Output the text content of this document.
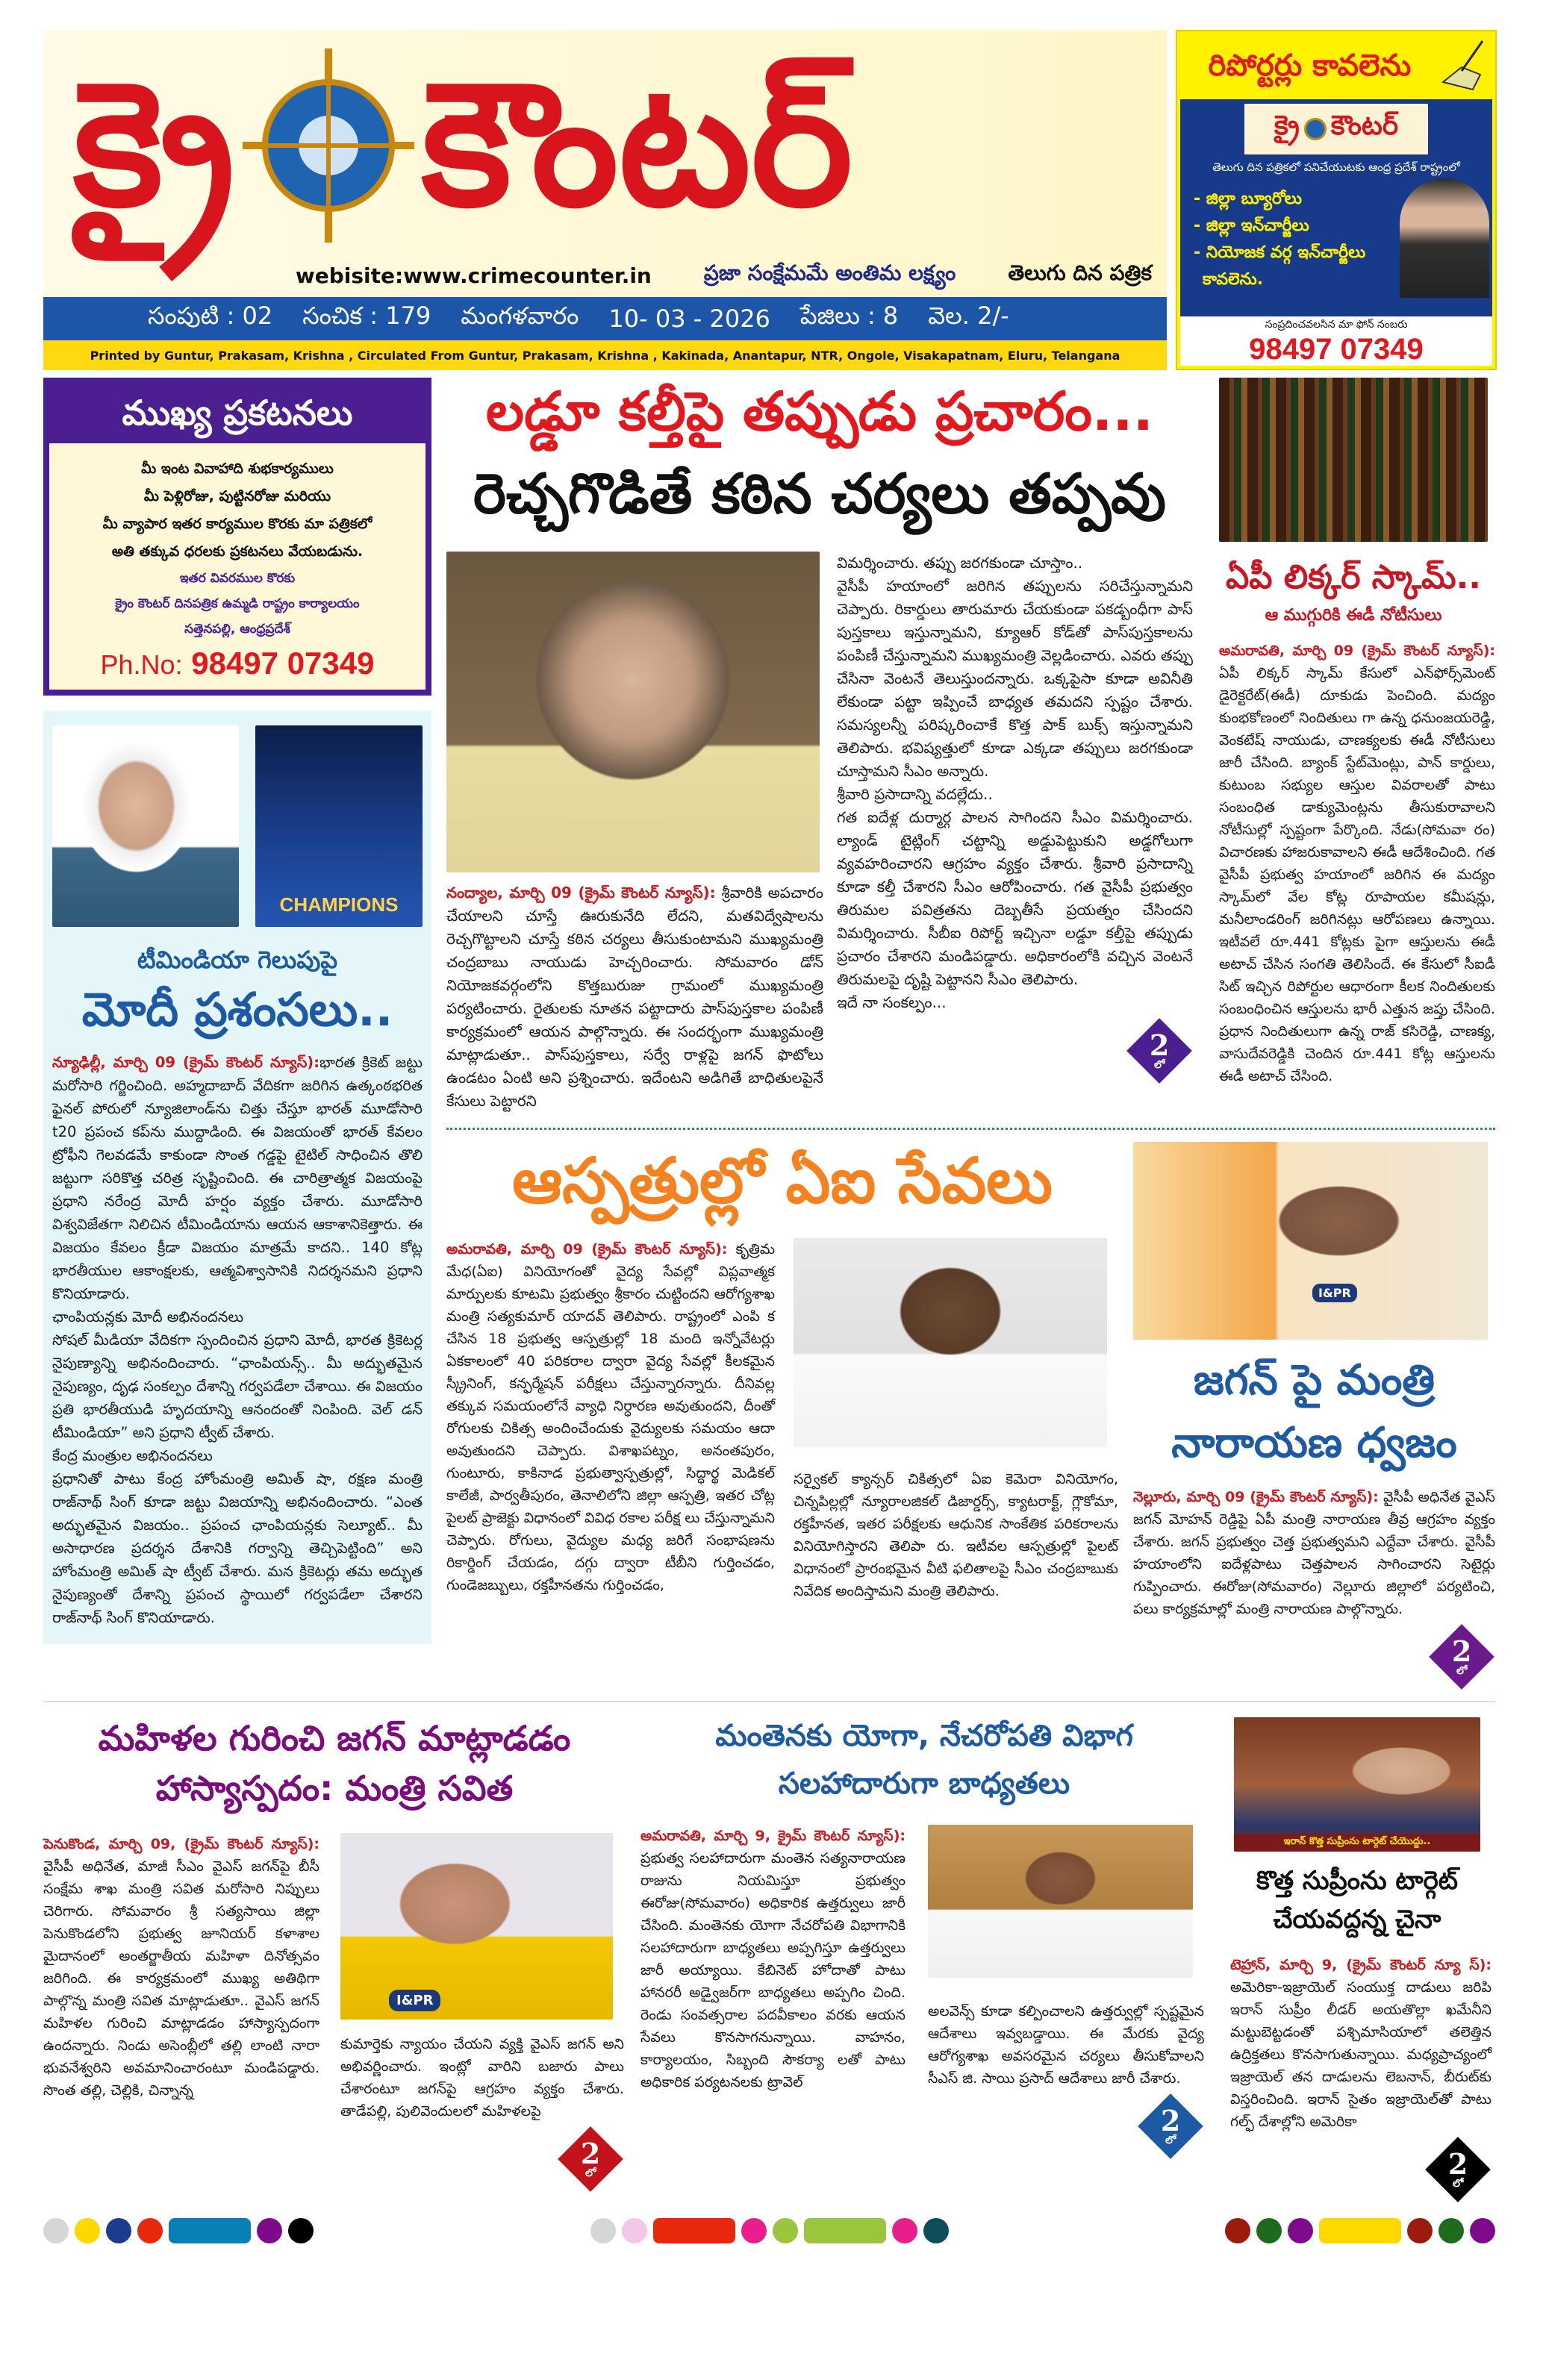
క్రై కౌంటర్
webisite:www.crimecounter.in	ప్రజా సంక్షేమమే అంతిమ లక్ష్యం	తెలుగు దిన పత్రిక
సంపుటి : 02 సంచిక : 179 మంగళవారం 10- 03 - 2026 పేజిలు : 8 వెల. 2/-
Printed by Guntur, Prakasam, Krishna , Circulated From Guntur, Prakasam, Krishna , Kakinada, Anantapur, NTR, Ongole, Visakapatnam, Eluru, Telangana
రిపోర్టర్లు కావలెను
క్రై కౌంటర్
తెలుగు దిన పత్రికలో పనిచేయుటకు ఆంధ్ర ప్రదేశ్ రాష్ట్రంలో
- జిల్లా బ్యూరోలు
- జిల్లా ఇన్‌చార్జీలు
- నియోజక వర్గ ఇన్‌చార్జీలు
కావలెను.
సంప్రదించవలసిన మా ఫోన్ నంబరు
98497 07349
ముఖ్య ప్రకటనలు
మీ ఇంట వివాహాది శుభకార్యములు
మీ పెళ్లిరోజు, పుట్టినరోజు మరియు
మీ వ్యాపార ఇతర కార్యముల కొరకు మా పత్రికలో
అతి తక్కువ ధరలకు ప్రకటనలు వేయబడును.
ఇతర వివరముల కొరకు
క్రైం కౌంటర్ దినపత్రిక ఉమ్మడి రాష్ట్రం కార్యాలయం
సత్తెనపల్లి, ఆంధ్రప్రదేశ్
Ph.No: 98497 07349
CHAMPIONS
టీమిండియా గెలుపుపై
మోదీ ప్రశంసలు..

న్యూఢిల్లీ, మార్చి 09 (క్రైమ్ కౌంటర్ న్యూస్):భారత క్రికెట్ జట్టు మరోసారి గర్జించింది. అహ్మదాబాద్ వేదికగా జరిగిన ఉత్కంఠభరిత ఫైనల్ పోరులో న్యూజిలాండ్‌ను చిత్తు చేస్తూ భారత్ మూడోసారి t20 ప్రపంచ కప్‌ను ముద్దాడింది. ఈ విజయంతో భారత్ కేవలం ట్రోఫీని గెలవడమే కాకుండా సొంత గడ్డపై టైటిల్ సాధించిన తొలి జట్టుగా సరికొత్త చరిత్ర సృష్టించింది. ఈ చారిత్రాత్మక విజయంపై ప్రధాని నరేంద్ర మోదీ హర్షం వ్యక్తం చేశారు. మూడోసారి విశ్వవిజేతగా నిలిచిన టీమిండియాను ఆయన ఆకాశానికెత్తారు. ఈ విజయం కేవలం క్రీడా విజయం మాత్రమే కాదని.. 140 కోట్ల భారతీయుల ఆకాంక్షలకు, ఆత్మవిశ్వాసానికి నిదర్శనమని ప్రధాని కొనియాడారు.

ఛాంపియన్లకు మోదీ అభినందనలు

సోషల్ మీడియా వేదికగా స్పందించిన ప్రధాని మోదీ, భారత క్రికెటర్ల నైపుణ్యాన్ని అభినందించారు. “ఛాంపియన్స్.. మీ అద్భుతమైన నైపుణ్యం, దృఢ సంకల్పం దేశాన్ని గర్వపడేలా చేశాయి. ఈ విజయం ప్రతి భారతీయుడి హృదయాన్ని ఆనందంతో నింపింది. వెల్ డన్ టీమిండియా” అని ప్రధాని ట్వీట్ చేశారు.

కేంద్ర మంత్రుల అభినందనలు

ప్రధానితో పాటు కేంద్ర హోంమంత్రి అమిత్ షా, రక్షణ మంత్రి రాజ్‌నాథ్ సింగ్ కూడా జట్టు విజయాన్ని అభినందించారు. “ఎంత అద్భుతమైన విజయం.. ప్రపంచ ఛాంపియన్లకు సెల్యూట్.. మీ అసాధారణ ప్రదర్శన దేశానికి గర్వాన్ని తెచ్చిపెట్టింది” అని హోంమంత్రి అమిత్ షా ట్వీట్ చేశారు. మన క్రికెటర్లు తమ అద్భుత నైపుణ్యంతో దేశాన్ని ప్రపంచ స్థాయిలో గర్వపడేలా చేశారని రాజ్‌నాథ్ సింగ్ కొనియాడారు.

లడ్డూ కల్తీపై తప్పుడు ప్రచారం...
రెచ్చగొడితే కఠిన చర్యలు తప్పవు

నంద్యాల, మార్చి 09 (క్రైమ్ కౌంటర్ న్యూస్): శ్రీవారికి అపచారం చేయాలని చూస్తే ఊరుకునేది లేదని, మతవిద్వేషాలను రెచ్చగొట్టాలని చూస్తే కఠిన చర్యలు తీసుకుంటామని ముఖ్యమంత్రి చంద్రబాబు నాయుడు హెచ్చరించారు. సోమవారం డోన్ నియోజకవర్గంలోని కొత్తబురుజు గ్రామంలో ముఖ్యమంత్రి పర్యటించారు. రైతులకు నూతన పట్టాదారు పాస్‌పుస్తకాల పంపిణీ కార్యక్రమంలో ఆయన పాల్గొన్నారు. ఈ సందర్భంగా ముఖ్యమంత్రి మాట్లాడుతూ.. పాస్‌పుస్తకాలు, సర్వే రాళ్లపై జగన్ ఫొటోలు ఉండటం ఏంటి అని ప్రశ్నించారు. ఇదేంటని అడిగితే బాధితులపైనే కేసులు పెట్టారని

విమర్శించారు. తప్పు జరగకుండా చూస్తాం..

వైసీపీ హయాంలో జరిగిన తప్పులను సరిచేస్తున్నామని చెప్పారు. రికార్డులు తారుమారు చేయకుండా పకడ్బంధీగా పాస్ పుస్తకాలు ఇస్తున్నామని, క్యూఆర్ కోడ్‌తో పాస్‌పుస్తకాలను పంపిణీ చేస్తున్నామని ముఖ్యమంత్రి వెల్లడించారు. ఎవరు తప్పు చేసినా వెంటనే తెలుస్తుందన్నారు. ఒక్కపైసా కూడా అవినీతి లేకుండా పట్టా ఇప్పించే బాధ్యత తమదని స్పష్టం చేశారు. సమస్యలన్నీ పరిష్కరించాకే కొత్త పాక్ బుక్స్ ఇస్తున్నామని తెలిపారు. భవిష్యత్తులో కూడా ఎక్కడా తప్పులు జరగకుండా చూస్తామని సీఎం అన్నారు.

శ్రీవారి ప్రసాదాన్ని వదల్లేదు..

గత ఐదేళ్ల దుర్మార్గ పాలన సాగిందని సీఎం విమర్శించారు. ల్యాండ్ టైట్లింగ్ చట్టాన్ని అడ్డుపెట్టుకుని అడ్డగోలుగా వ్యవహరించారని ఆగ్రహం వ్యక్తం చేశారు. శ్రీవారి ప్రసాదాన్ని కూడా కల్తీ చేశారని సీఎం ఆరోపించారు. గత వైసీపీ ప్రభుత్వం తిరుమల పవిత్రతను దెబ్బతీసే ప్రయత్నం చేసిందని విమర్శించారు. సీబీఐ రిపోర్ట్ ఇచ్చినా లడ్డూ కల్తీపై తప్పుడు ప్రచారం చేశారని మండిపడ్డారు. అధికారంలోకి వచ్చిన వెంటనే తిరుమలపై దృష్టి పెట్టానని సీఎం తెలిపారు.

ఇదే నా సంకల్పం...

2
లో
ఏపీ లిక్కర్ స్కామ్..
ఆ ముగ్గురికి ఈడీ నోటీసులు

అమరావతి, మార్చి 09 (క్రైమ్ కౌంటర్ న్యూస్): ఏపీ లిక్కర్ స్కామ్ కేసులో ఎన్‌ఫోర్స్‌మెంట్ డైరెక్టరేట్(ఈడీ) దూకుడు పెంచింది. మద్యం కుంభకోణంలో నిందితులు గా ఉన్న ధనుంజయరెడ్డి, వెంకటేష్ నాయుడు, చాణక్యలకు ఈడీ నోటీసులు జారీ చేసింది. బ్యాంక్ స్టేట్‌మెంట్లు, పాన్ కార్డులు, కుటుంబ సభ్యుల ఆస్తుల వివరాలతో పాటు సంబంధిత డాక్యుమెంట్లను తీసుకురావాలని నోటీసుల్లో స్పష్టంగా పేర్కొంది. నేడు(సోమవా రం) విచారణకు హాజరుకావాలని ఈడీ ఆదేశించింది. గత వైసీపీ ప్రభుత్వ హయాంలో జరిగిన ఈ మద్యం స్కామ్‌లో వేల కోట్ల రూపాయల కమీషన్లు, మనీలాండరింగ్ జరిగినట్లు ఆరోపణలు ఉన్నాయి. ఇటీవలే రూ.441 కోట్లకు పైగా ఆస్తులను ఈడీ అటాచ్ చేసిన సంగతి తెలిసిందే. ఈ కేసులో సీఐడీ సిట్ ఇచ్చిన రిపోర్టుల ఆధారంగా కీలక నిందితులకు సంబంధించిన ఆస్తులను భారీ ఎత్తున జప్తు చేసింది. ప్రధాన నిందితులుగా ఉన్న రాజ్ కసిరెడ్డి, చాణక్య, వాసుదేవరెడ్డికి చెందిన రూ.441 కోట్ల ఆస్తులను ఈడీ అటాచ్ చేసింది.

ఆస్పత్రుల్లో ఏఐ సేవలు

అమరావతి, మార్చి 09 (క్రైమ్ కౌంటర్ న్యూస్): కృత్రిమ మేధ(ఏఐ) వినియోగంతో వైద్య సేవల్లో విప్లవాత్మక మార్పులకు కూటమి ప్రభుత్వం శ్రీకారం చుట్టిందని ఆరోగ్యశాఖ మంత్రి సత్యకుమార్ యాదవ్ తెలిపారు. రాష్ట్రంలో ఎంపి క చేసిన 18 ప్రభుత్వ ఆస్పత్రుల్లో 18 మంది ఇన్నోవేటర్లు ఏకకాలంలో 40 పరికరాల ద్వారా వైద్య సేవల్లో కీలకమైన స్క్రీనింగ్, కన్ఫర్మేషన్ పరీక్షలు చేస్తున్నారన్నారు. దీనివల్ల తక్కువ సమయంలోనే వ్యాధి నిర్ధారణ అవుతుందని, దీంతో రోగులకు చికిత్స అందించేందుకు వైద్యులకు సమయం ఆదా అవుతుందని చెప్పారు. విశాఖపట్నం, అనంతపురం, గుంటూరు, కాకినాడ ప్రభుత్వాస్పత్రుల్లో, సిద్ధార్థ మెడికల్ కాలేజీ, పార్వతీపురం, తెనాలిలోని జిల్లా ఆస్పత్రి, ఇతర చోట్ల పైలట్ ప్రాజెక్టు విధానంలో వివిధ రకాల పరీక్ష లు చేస్తున్నామని చెప్పారు. రోగులు, వైద్యుల మధ్య జరిగే సంభాషణను రికార్డింగ్ చేయడం, దగ్గు ద్వారా టీబీని గుర్తించడం, గుండెజబ్బులు, రక్తహీనతను గుర్తించడం,

సర్వైకల్ క్యాన్సర్ చికిత్సలో ఏఐ కెమెరా వినియోగం, చిన్నపిల్లల్లో న్యూరాలజికల్ డిజార్డర్స్, క్యాటరాక్ట్, గ్లౌకోమా, రక్తహీనత, ఇతర పరీక్షలకు ఆధునిక సాంకేతిక పరికరాలను వినియోగిస్తారని తెలిపా రు. ఇటీవల ఆస్పత్రుల్లో పైలట్ విధానంలో ప్రారంభమైన వీటి ఫలితాలపై సీఎం చంద్రబాబుకు నివేదిక అందిస్తామని మంత్రి తెలిపారు.

I&PR
జగన్ పై మంత్రి
నారాయణ ధ్వజం

నెల్లూరు, మార్చి 09 (క్రైమ్ కౌంటర్ న్యూస్): వైసీపీ అధినేత వైఎస్ జగన్ మోహన్ రెడ్డిపై ఏపీ మంత్రి నారాయణ తీవ్ర ఆగ్రహం వ్యక్తం చేశారు. జగన్ ప్రభుత్వం చెత్త ప్రభుత్వమని ఎద్దేవా చేశారు. వైసీపీ హయాంలోని ఐదేళ్లపాటు చెత్తపాలన సాగించారని సెటైర్లు గుప్పించారు. ఈరోజు(సోమవారం) నెల్లూరు జిల్లాలో పర్యటించి, పలు కార్యక్రమాల్లో మంత్రి నారాయణ పాల్గొన్నారు.

2
లో
మహిళల గురించి జగన్ మాట్లాడడం
హాస్యాస్పదం: మంత్రి సవిత

పెనుకొండ, మార్చి 09, (క్రైమ్ కౌంటర్ న్యూస్): వైసీపీ అధినేత, మాజీ సీఎం వైఎస్ జగన్‌పై బీసీ సంక్షేమ శాఖ మంత్రి సవిత మరోసారి నిప్పులు చెరిగారు. సోమవారం శ్రీ సత్యసాయి జిల్లా పెనుకొండలోని ప్రభుత్వ జూనియర్ కళాశాల మైదానంలో అంతర్జాతీయ మహిళా దినోత్సవం జరిగింది. ఈ కార్యక్రమంలో ముఖ్య అతిథిగా పాల్గొన్న మంత్రి సవిత మాట్లాడుతూ.. వైఎస్ జగన్ మహిళల గురించి మాట్లాడడం హాస్యాస్పదంగా ఉందన్నారు. నిండు అసెంబ్లీలో తల్లి లాంటి నారా భువనేశ్వరిని అవమానించారంటూ మండిపడ్డారు. సొంత తల్లి, చెల్లికి, చిన్నాన్న

I&PR

కుమార్తెకు న్యాయం చేయని వ్యక్తి వైఎస్ జగన్ అని అభివర్ణించారు. ఇంట్లో వారిని బజారు పాలు చేశారంటూ జగన్‌పై ఆగ్రహం వ్యక్తం చేశారు. తాడేపల్లి, పులివెందులలో మహిళలపై

2
లో
మంతెనకు యోగా, నేచరోపతి విభాగ
సలహాదారుగా బాధ్యతలు

అమరావతి, మార్చి 9, క్రైమ్ కౌంటర్ న్యూస్): ప్రభుత్వ సలహాదారుగా మంతెన సత్యనారాయణ రాజును నియమిస్తూ ప్రభుత్వం ఈరోజు(సోమవారం) అధికారిక ఉత్తర్వులు జారీ చేసింది. మంతెనకు యోగా నేచరోపతి విభాగానికి సలహాదారుగా బాధ్యతలు అప్పగిస్తూ ఉత్తర్వులు జారీ అయ్యాయి. కేబినెట్ హోదాతో పాటు హానరరీ అడ్వైజర్‌గా బాధ్యతలు అప్పగిం చింది. రెండు సంవత్సరాల పదవీకాలం వరకు ఆయన సేవలు కొనసాగనున్నాయి. వాహనం, కార్యాలయం, సిబ్బంది సౌకర్యా లతో పాటు అధికారిక పర్యటనలకు ట్రావెల్

అలవెన్స్ కూడా కల్పించాలని ఉత్తర్వుల్లో స్పష్టమైన ఆదేశాలు ఇవ్వబడ్డాయి. ఈ మేరకు వైద్య ఆరోగ్యశాఖ అవసరమైన చర్యలు తీసుకోవాలని సీఎస్ జి. సాయి ప్రసాద్ ఆదేశాలు జారీ చేశారు.

2
లో
ఇరాన్ కొత్త సుప్రీంను టార్గెట్ చేయొద్దు..
కొత్త సుప్రీంను టార్గెట్
చేయవద్దన్న చైనా

టెహ్రాన్, మార్చి 9, (క్రైమ్ కౌంటర్ న్యూ స్): అమెరికా-ఇజ్రాయెల్ సంయుక్త దాడులు జరిపి ఇరాన్ సుప్రీం లీడర్ అయతొల్లా ఖమేనీని మట్టుబెట్టడంతో పశ్చిమాసియాలో తలెత్తిన ఉద్రిక్తతలు కొనసాగుతున్నాయి. మధ్యప్రాచ్యంలో ఇజ్రాయెల్ తన దాడులను లెబనాన్, బీరుట్‌కు విస్తరించింది. ఇరాన్ సైతం ఇజ్రాయెల్‌తో పాటు గల్ఫ్ దేశాల్లోని అమెరికా

2
లో
